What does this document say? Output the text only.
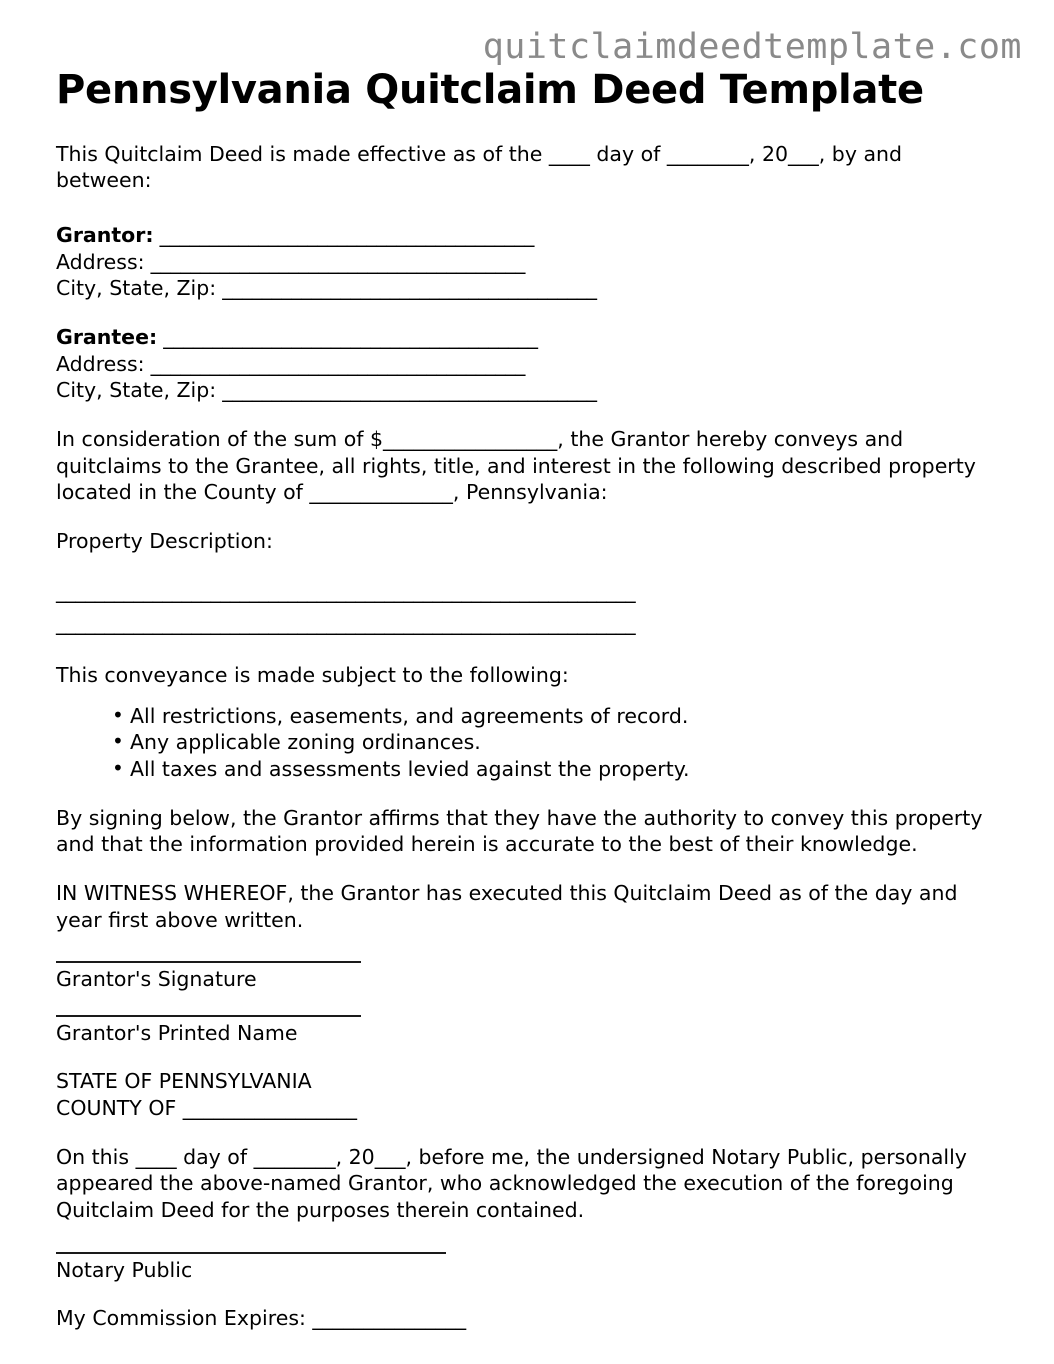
quitclaimdeedtemplate.com
Pennsylvania Quitclaim Deed Template

This Quitclaim Deed is made effective as of the ____ day of ________, 20___, by and between:

Grantor: ______________________________________
Address: ______________________________________
City, State, Zip: ______________________________________
Grantee: ______________________________________
Address: ______________________________________
City, State, Zip: ______________________________________

In consideration of the sum of $_________________, the Grantor hereby conveys and quitclaims to the Grantee, all rights, title, and interest in the following described property located in the County of ______________, Pennsylvania:

Property Description:

____________________________________________________________
____________________________________________________________

This conveyance is made subject to the following:

• All restrictions, easements, and agreements of record.
• Any applicable zoning ordinances.
• All taxes and assessments levied against the property.

By signing below, the Grantor affirms that they have the authority to convey this property and that the information provided herein is accurate to the best of their knowledge.

IN WITNESS WHEREOF, the Grantor has executed this Quitclaim Deed as of the day and year first above written.

Grantor's Signature
Grantor's Printed Name
STATE OF PENNSYLVANIA
COUNTY OF _________________

On this ____ day of ________, 20___, before me, the undersigned Notary Public, personally appeared the above-named Grantor, who acknowledged the execution of the foregoing Quitclaim Deed for the purposes therein contained.

Notary Public
My Commission Expires: _______________
